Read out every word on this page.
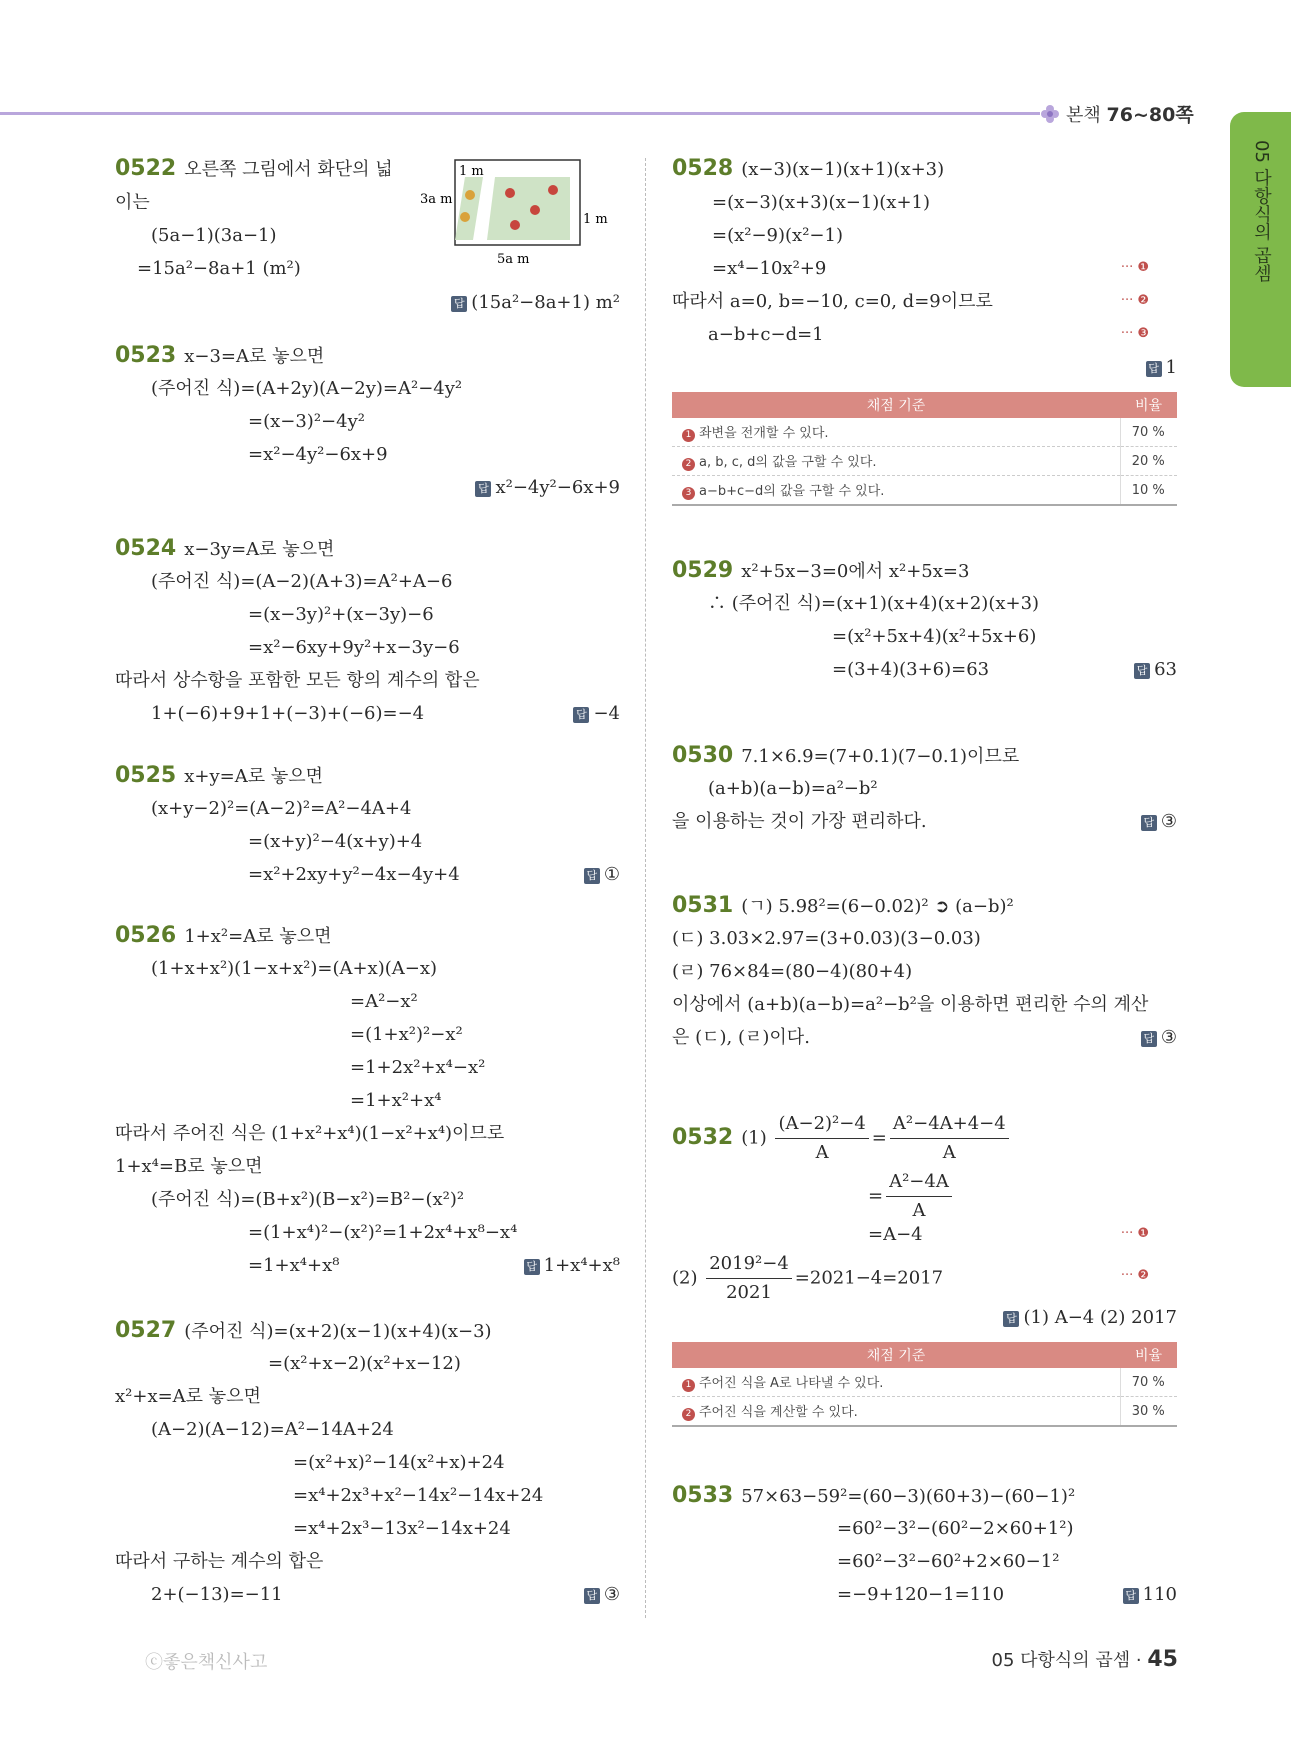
본책 76~80쪽
05 다항식의 곱셈
0522 오른쪽 그림에서 화단의 넓
이는
(5a−1)(3a−1)
=15a²−8a+1 (m²)
1 m
3a m
1 m
5a m
답 (15a²−8a+1) m²
0523 x−3=A로 놓으면
(주어진 식)=(A+2y)(A−2y)=A²−4y²
=(x−3)²−4y²
=x²−4y²−6x+9
답 x²−4y²−6x+9
0524 x−3y=A로 놓으면
(주어진 식)=(A−2)(A+3)=A²+A−6
=(x−3y)²+(x−3y)−6
=x²−6xy+9y²+x−3y−6
따라서 상수항을 포함한 모든 항의 계수의 합은
1+(−6)+9+1+(−3)+(−6)=−4	답 −4
0525 x+y=A로 놓으면
(x+y−2)²=(A−2)²=A²−4A+4
=(x+y)²−4(x+y)+4
=x²+2xy+y²−4x−4y+4	답 ①
0526 1+x²=A로 놓으면
(1+x+x²)(1−x+x²)=(A+x)(A−x)
=A²−x²
=(1+x²)²−x²
=1+2x²+x⁴−x²
=1+x²+x⁴
따라서 주어진 식은 (1+x²+x⁴)(1−x²+x⁴)이므로
1+x⁴=B로 놓으면
(주어진 식)=(B+x²)(B−x²)=B²−(x²)²
=(1+x⁴)²−(x²)²=1+2x⁴+x⁸−x⁴
=1+x⁴+x⁸	답 1+x⁴+x⁸
0527 (주어진 식)=(x+2)(x−1)(x+4)(x−3)
=(x²+x−2)(x²+x−12)
x²+x=A로 놓으면
(A−2)(A−12)=A²−14A+24
=(x²+x)²−14(x²+x)+24
=x⁴+2x³+x²−14x²−14x+24
=x⁴+2x³−13x²−14x+24
따라서 구하는 계수의 합은
2+(−13)=−11	답 ③
0528 (x−3)(x−1)(x+1)(x+3)
=(x−3)(x+3)(x−1)(x+1)
=(x²−9)(x²−1)
=x⁴−10x²+9	··· ❶
따라서 a=0, b=−10, c=0, d=9이므로	··· ❷
a−b+c−d=1	··· ❸
답 1
채점 기준	비율
1 좌변을 전개할 수 있다.	70 %
2 a, b, c, d의 값을 구할 수 있다.	20 %
3 a−b+c−d의 값을 구할 수 있다.	10 %
0529 x²+5x−3=0에서 x²+5x=3
∴ (주어진 식)=(x+1)(x+4)(x+2)(x+3)
=(x²+5x+4)(x²+5x+6)
=(3+4)(3+6)=63	답 63
0530 7.1×6.9=(7+0.1)(7−0.1)이므로
(a+b)(a−b)=a²−b²
을 이용하는 것이 가장 편리하다.	답 ③
0531 (ㄱ) 5.98²=(6−0.02)² ➲ (a−b)²
(ㄷ) 3.03×2.97=(3+0.03)(3−0.03)
(ㄹ) 76×84=(80−4)(80+4)
이상에서 (a+b)(a−b)=a²−b²을 이용하면 편리한 수의 계산
은 (ㄷ), (ㄹ)이다.	답 ③
0532 $(1) \frac{\text{(A−2)²−4}}{A} = \frac{\text{A²−4A+4−4}}{A}$
= $\frac{\text{A²−4A}}{A}$
=A−4	··· ❶
$(2) \frac{\text{2019²−4}}{2021} =2021-4=2017$	··· ❷
답 (1) A−4 (2) 2017
채점 기준	비율
1 주어진 식을 A로 나타낼 수 있다.	70 %
2 주어진 식을 계산할 수 있다.	30 %
0533 57×63−59²=(60−3)(60+3)−(60−1)²
=60²−3²−(60²−2×60+1²)
=60²−3²−60²+2×60−1²
=−9+120−1=110	답 110
ⓒ좋은책신사고	05 다항식의 곱셈 · 45
